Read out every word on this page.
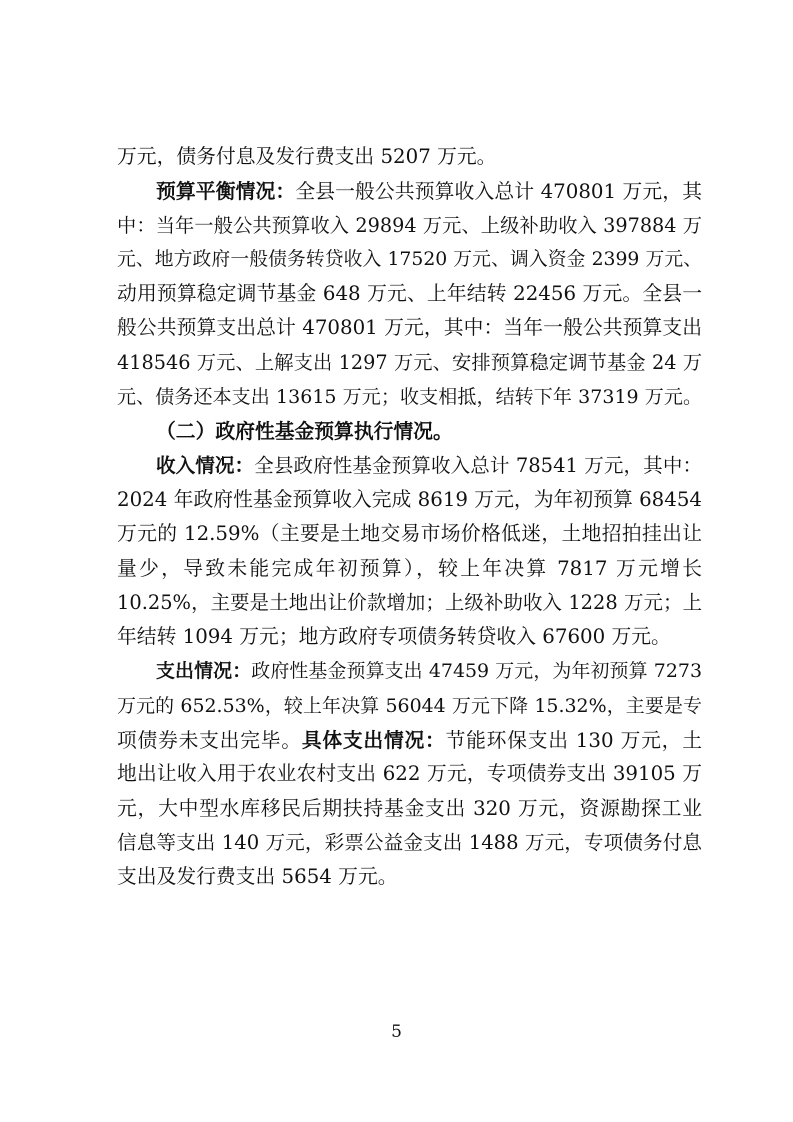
万元，债务付息及发行费支出 5207 万元。
预算平衡情况：全县一般公共预算收入总计 470801 万元，其
中：当年一般公共预算收入 29894 万元、上级补助收入 397884 万
元、地方政府一般债务转贷收入 17520 万元、调入资金 2399 万元、
动用预算稳定调节基金 648 万元、上年结转 22456 万元。全县一
般公共预算支出总计 470801 万元，其中：当年一般公共预算支出
418546 万元、上解支出 1297 万元、安排预算稳定调节基金 24 万
元、债务还本支出 13615 万元；收支相抵，结转下年 37319 万元。
（二）政府性基金预算执行情况。
收入情况：全县政府性基金预算收入总计 78541 万元，其中：
2024 年政府性基金预算收入完成 8619 万元，为年初预算 68454
万元的 12.59%（主要是土地交易市场价格低迷，土地招拍挂出让
量少，导致未能完成年初预算），较上年决算 7817 万元增长
10.25%，主要是土地出让价款增加；上级补助收入 1228 万元；上
年结转 1094 万元；地方政府专项债务转贷收入 67600 万元。
支出情况：政府性基金预算支出 47459 万元，为年初预算 7273
万元的 652.53%，较上年决算 56044 万元下降 15.32%，主要是专
项债券未支出完毕。具体支出情况：节能环保支出 130 万元，土
地出让收入用于农业农村支出 622 万元，专项债券支出 39105 万
元，大中型水库移民后期扶持基金支出 320 万元，资源勘探工业
信息等支出 140 万元，彩票公益金支出 1488 万元，专项债务付息
支出及发行费支出 5654 万元。
5
